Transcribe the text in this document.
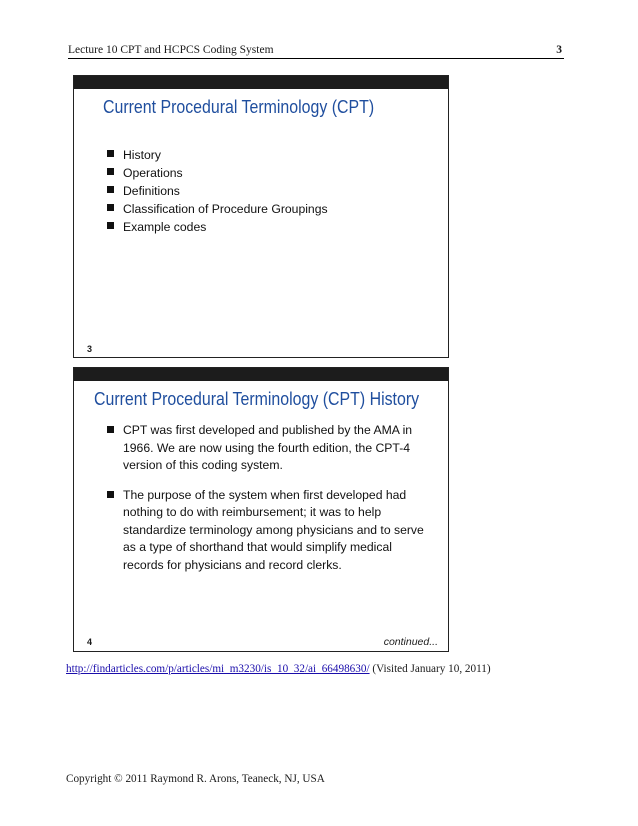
Lecture 10 CPT and HCPCS Coding System	3
Current Procedural Terminology (CPT)
History
Operations
Definitions
Classification of Procedure Groupings
Example codes
3
Current Procedural Terminology (CPT) History
CPT was first developed and published by the AMA in 1966. We are now using the fourth edition, the CPT-4 version of this coding system.
The purpose of the system when first developed had nothing to do with reimbursement; it was to help standardize terminology among physicians and to serve as a type of shorthand that would simplify medical records for physicians and record clerks.
4	continued...
http://findarticles.com/p/articles/mi_m3230/is_10_32/ai_66498630/ (Visited January 10, 2011)
Copyright © 2011 Raymond R. Arons, Teaneck, NJ, USA
